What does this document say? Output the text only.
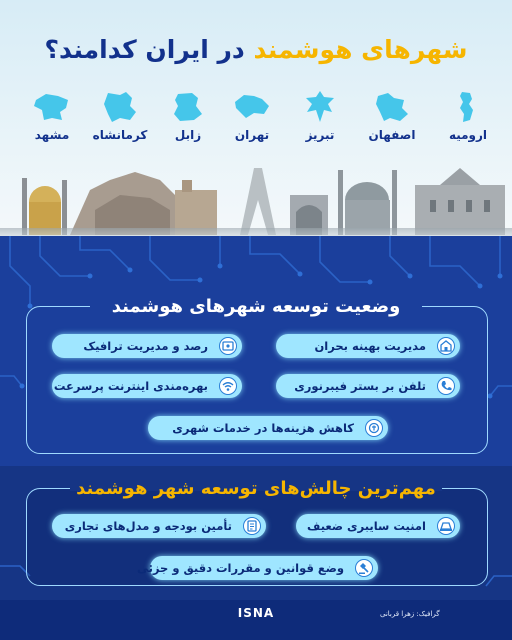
شهرهای هوشمند در ایران کدامند؟
ارومیه
اصفهان
تبریز
تهران
زابل
کرمانشاه
مشهد
وضعیت توسعه شهرهای هوشمند
مدیریت بهینه بحران
رصد و مدیریت ترافیک
تلفن بر بستر فیبرنوری
بهره‌مندی اینترنت پرسرعت
کاهش هزینه‌ها در خدمات شهری
مهم‌ترین چالش‌های توسعه شهر هوشمند
امنیت سایبری ضعیف
تأمین بودجه و مدل‌های تجاری
وضع قوانین و مقررات دقیق و جزئی
ISNA	گرافیک: زهرا قربانی
